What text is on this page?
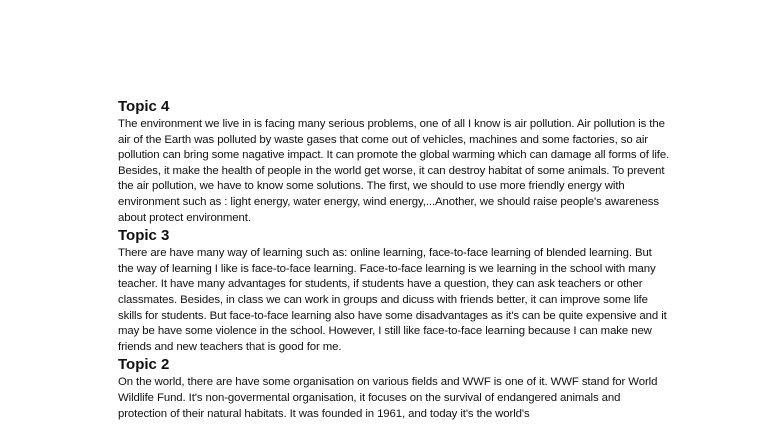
Topic 4

The environment we live in is facing many serious problems, one of all I know is air pollution. Air pollution is the air of the Earth was polluted by waste gases that come out of vehicles, machines and some factories, so air pollution can bring some nagative impact. It can promote the global warming which can damage all forms of life. Besides, it make the health of people in the world get worse, it can destroy habitat of some animals. To prevent the air pollution, we have to know some solutions. The first, we should to use more friendly energy with environment such as : light energy, water energy, wind energy,...Another, we should raise people's awareness about protect environment.

Topic 3

There are have many way of learning such as: online learning, face-to-face learning of blended learning. But the way of learning I like is face-to-face learning. Face-to-face learning is we learning in the school with many teacher. It have many advantages for students, if students have a question, they can ask teachers or other classmates. Besides, in class we can work in groups and dicuss with friends better, it can improve some life skills for students. But face-to-face learning also have some disadvantages as it's can be quite expensive and it may be have some violence in the school. However, I still like face-to-face learning because I can make new friends and new teachers that is good for me.

Topic 2

On the world, there are have some organisation on various fields and WWF is one of it. WWF stand for World Wildlife Fund. It's non-govermental organisation, it focuses on the survival of endangered animals and protection of their natural habitats. It was founded in 1961, and today it's the world's
